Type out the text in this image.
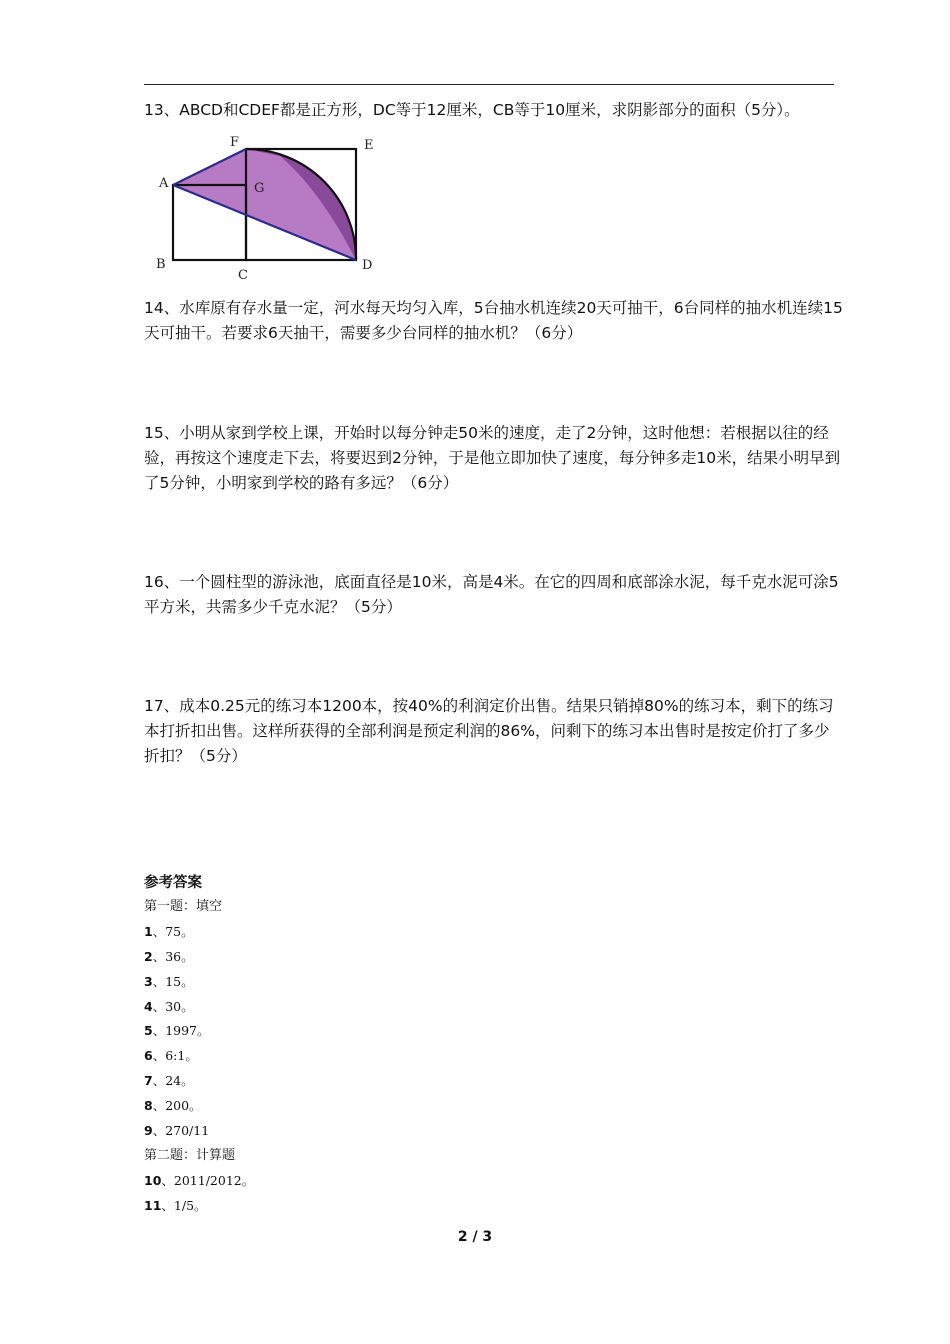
13、ABCD和CDEF都是正方形，DC等于12厘米，CB等于10厘米，求阴影部分的面积（5分）。

A
B
C
D
E
F
G

14、水库原有存水量一定，河水每天均匀入库，5台抽水机连续20天可抽干，6台同样的抽水机连续15天可抽干。若要求6天抽干，需要多少台同样的抽水机？（6分）

15、小明从家到学校上课，开始时以每分钟走50米的速度，走了2分钟，这时他想：若根据以往的经验，再按这个速度走下去，将要迟到2分钟，于是他立即加快了速度，每分钟多走10米，结果小明早到了5分钟，小明家到学校的路有多远？（6分）

16、一个圆柱型的游泳池，底面直径是10米，高是4米。在它的四周和底部涂水泥，每千克水泥可涂5平方米，共需多少千克水泥？（5分）

17、成本0.25元的练习本1200本，按40%的利润定价出售。结果只销掉80%的练习本，剩下的练习本打折扣出售。这样所获得的全部利润是预定利润的86%，问剩下的练习本出售时是按定价打了多少折扣？（5分）

参考答案
第一题：填空
1、75。
2、36。
3、15。
4、30。
5、1997。
6、6:1。
7、24。
8、200。
9、270/11
第二题：计算题
10、2011/2012。
11、1/5。
2 / 3
